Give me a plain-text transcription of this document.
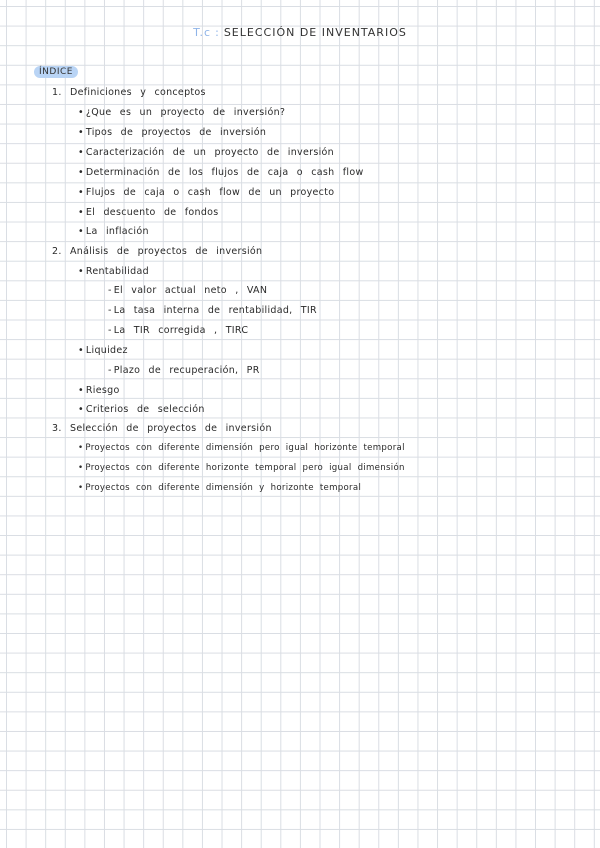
T.c : SELECCIÓN DE INVENTARIOS
ÍNDICE
1. Definiciones y conceptos
• ¿Que es un proyecto de inversión?
• Tipos de proyectos de inversión
• Caracterización de un proyecto de inversión
• Determinación de los flujos de caja o cash flow
• Flujos de caja o cash flow de un proyecto
• El descuento de fondos
• La inflación
2. Análisis de proyectos de inversión
• Rentabilidad
- El valor actual neto , VAN
- La tasa interna de rentabilidad, TIR
- La TIR corregida , TIRC
• Liquidez
- Plazo de recuperación, PR
• Riesgo
• Criterios de selección
3. Selección de proyectos de inversión
• Proyectos con diferente dimensión pero igual horizonte temporal
• Proyectos con diferente horizonte temporal pero igual dimensión
• Proyectos con diferente dimensión y horizonte temporal
